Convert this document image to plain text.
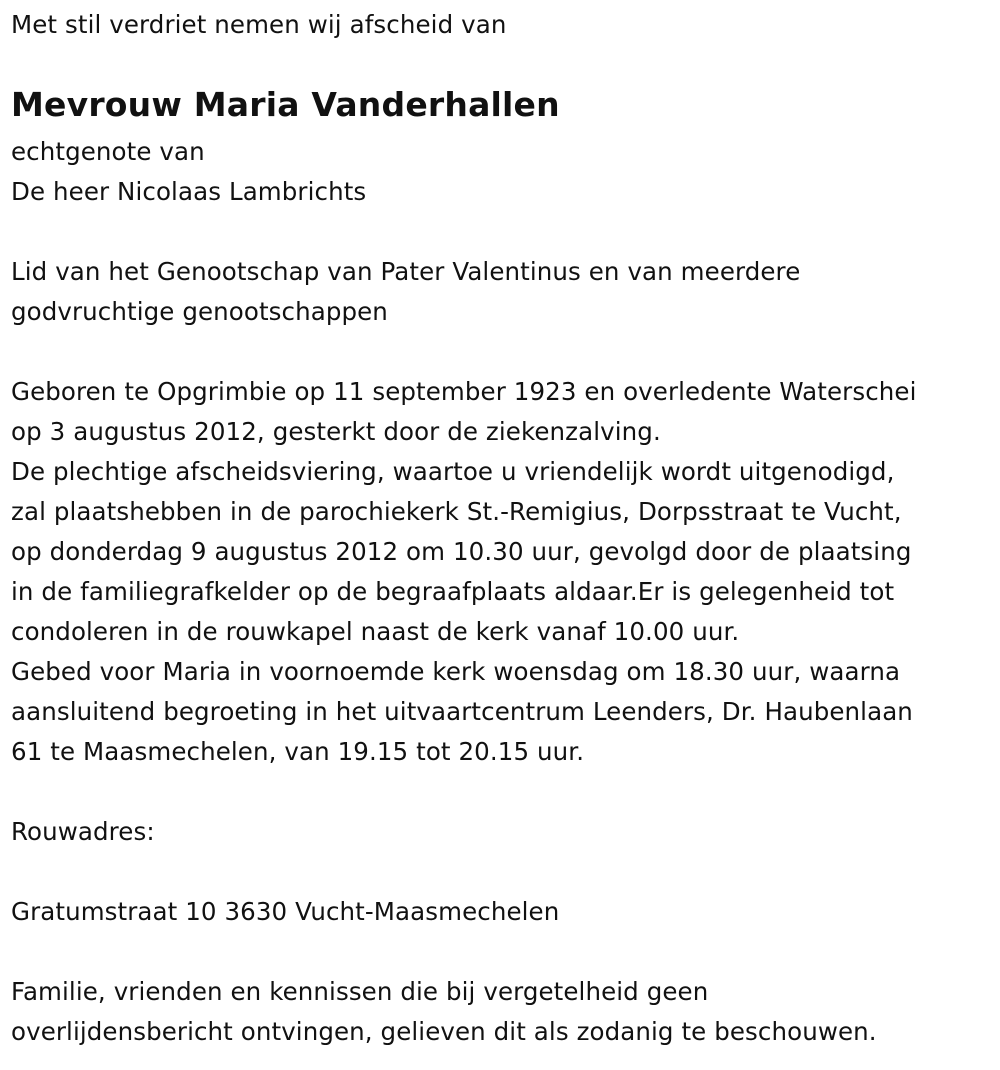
Met stil verdriet nemen wij afscheid van
Mevrouw Maria Vanderhallen
echtgenote van
De heer Nicolaas Lambrichts
Lid van het Genootschap van Pater Valentinus en van meerdere
godvruchtige genootschappen
Geboren te Opgrimbie op 11 september 1923 en overledente Waterschei
op 3 augustus 2012, gesterkt door de ziekenzalving.
De plechtige afscheidsviering, waartoe u vriendelijk wordt uitgenodigd,
zal plaatshebben in de parochiekerk St.-Remigius, Dorpsstraat te Vucht,
op donderdag 9 augustus 2012 om 10.30 uur, gevolgd door de plaatsing
in de familiegrafkelder op de begraafplaats aldaar.Er is gelegenheid tot
condoleren in de rouwkapel naast de kerk vanaf 10.00 uur.
Gebed voor Maria in voornoemde kerk woensdag om 18.30 uur, waarna
aansluitend begroeting in het uitvaartcentrum Leenders, Dr. Haubenlaan
61 te Maasmechelen, van 19.15 tot 20.15 uur.
Rouwadres:
Gratumstraat 10 3630 Vucht-Maasmechelen
Familie, vrienden en kennissen die bij vergetelheid geen
overlijdensbericht ontvingen, gelieven dit als zodanig te beschouwen.
